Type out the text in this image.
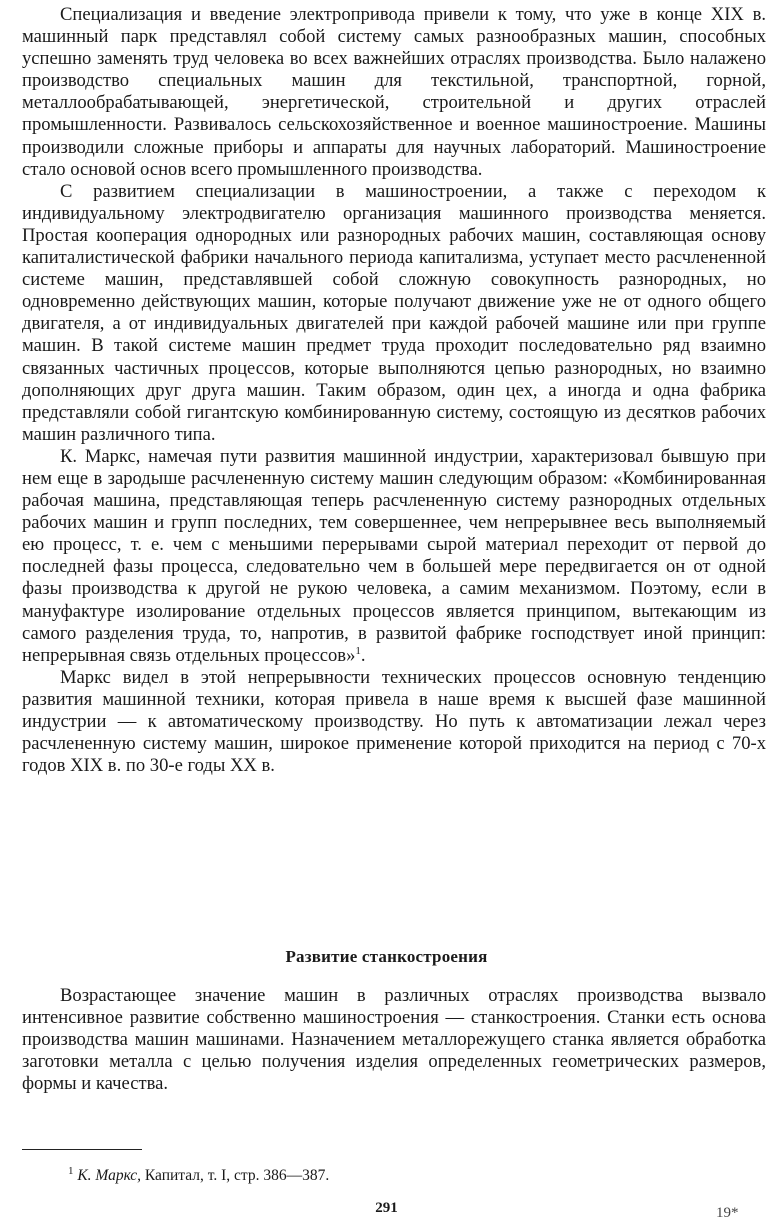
Специализация и введение электропривода привели к тому, что уже в конце XIX в. машинный парк представлял собой систему самых разнообразных машин, способных успешно заменять труд человека во всех важнейших отраслях производства. Было налажено производство специальных машин для текстильной, транспортной, горной, металлообрабатывающей, энергетической, строительной и других отраслей промышленности. Развивалось сельскохозяйственное и военное машиностроение. Машины производили сложные приборы и аппараты для научных лабораторий. Машиностроение стало основой основ всего промышленного производства.

С развитием специализации в машиностроении, а также с переходом к индивидуальному электродвигателю организация машинного производства меняется. Простая кооперация однородных или разнородных рабочих машин, составляющая основу капиталистической фабрики начального периода капитализма, уступает место расчлененной системе машин, представлявшей собой сложную совокупность разнородных, но одновременно действующих машин, которые получают движение уже не от одного общего двигателя, а от индивидуальных двигателей при каждой рабочей машине или при группе машин. В такой системе машин предмет труда проходит последовательно ряд взаимно связанных частичных процессов, которые выполняются цепью разнородных, но взаимно дополняющих друг друга машин. Таким образом, один цех, а иногда и одна фабрика представляли собой гигантскую комбинированную систему, состоящую из десятков рабочих машин различного типа.

К. Маркс, намечая пути развития машинной индустрии, характеризовал бывшую при нем еще в зародыше расчлененную систему машин следующим образом: «Комбинированная рабочая машина, представляющая теперь расчлененную систему разнородных отдельных рабочих машин и групп последних, тем совершеннее, чем непрерывнее весь выполняемый ею процесс, т. е. чем с меньшими перерывами сырой материал переходит от первой до последней фазы процесса, следовательно чем в большей мере передвигается он от одной фазы производства к другой не рукою человека, а самим механизмом. Поэтому, если в мануфактуре изолирование отдельных процессов является принципом, вытекающим из самого разделения труда, то, напротив, в развитой фабрике господствует иной принцип: непрерывная связь отдельных процессов»$^1$.

Маркс видел в этой непрерывности технических процессов основную тенденцию развития машинной техники, которая привела в наше время к высшей фазе машинной индустрии — к автоматическому производству. Но путь к автоматизации лежал через расчлененную систему машин, широкое применение которой приходится на период с 70-х годов XIX в. по 30-е годы XX в.

Развитие станкостроения

Возрастающее значение машин в различных отраслях производства вызвало интенсивное развитие собственно машиностроения — станкостроения. Станки есть основа производства машин машинами. Назначением металлорежущего станка является обработка заготовки металла с целью получения изделия определенных геометрических размеров, формы и качества.

$^1$ К. Маркс, Капитал, т. I, стр. 386—387.
291	19*
